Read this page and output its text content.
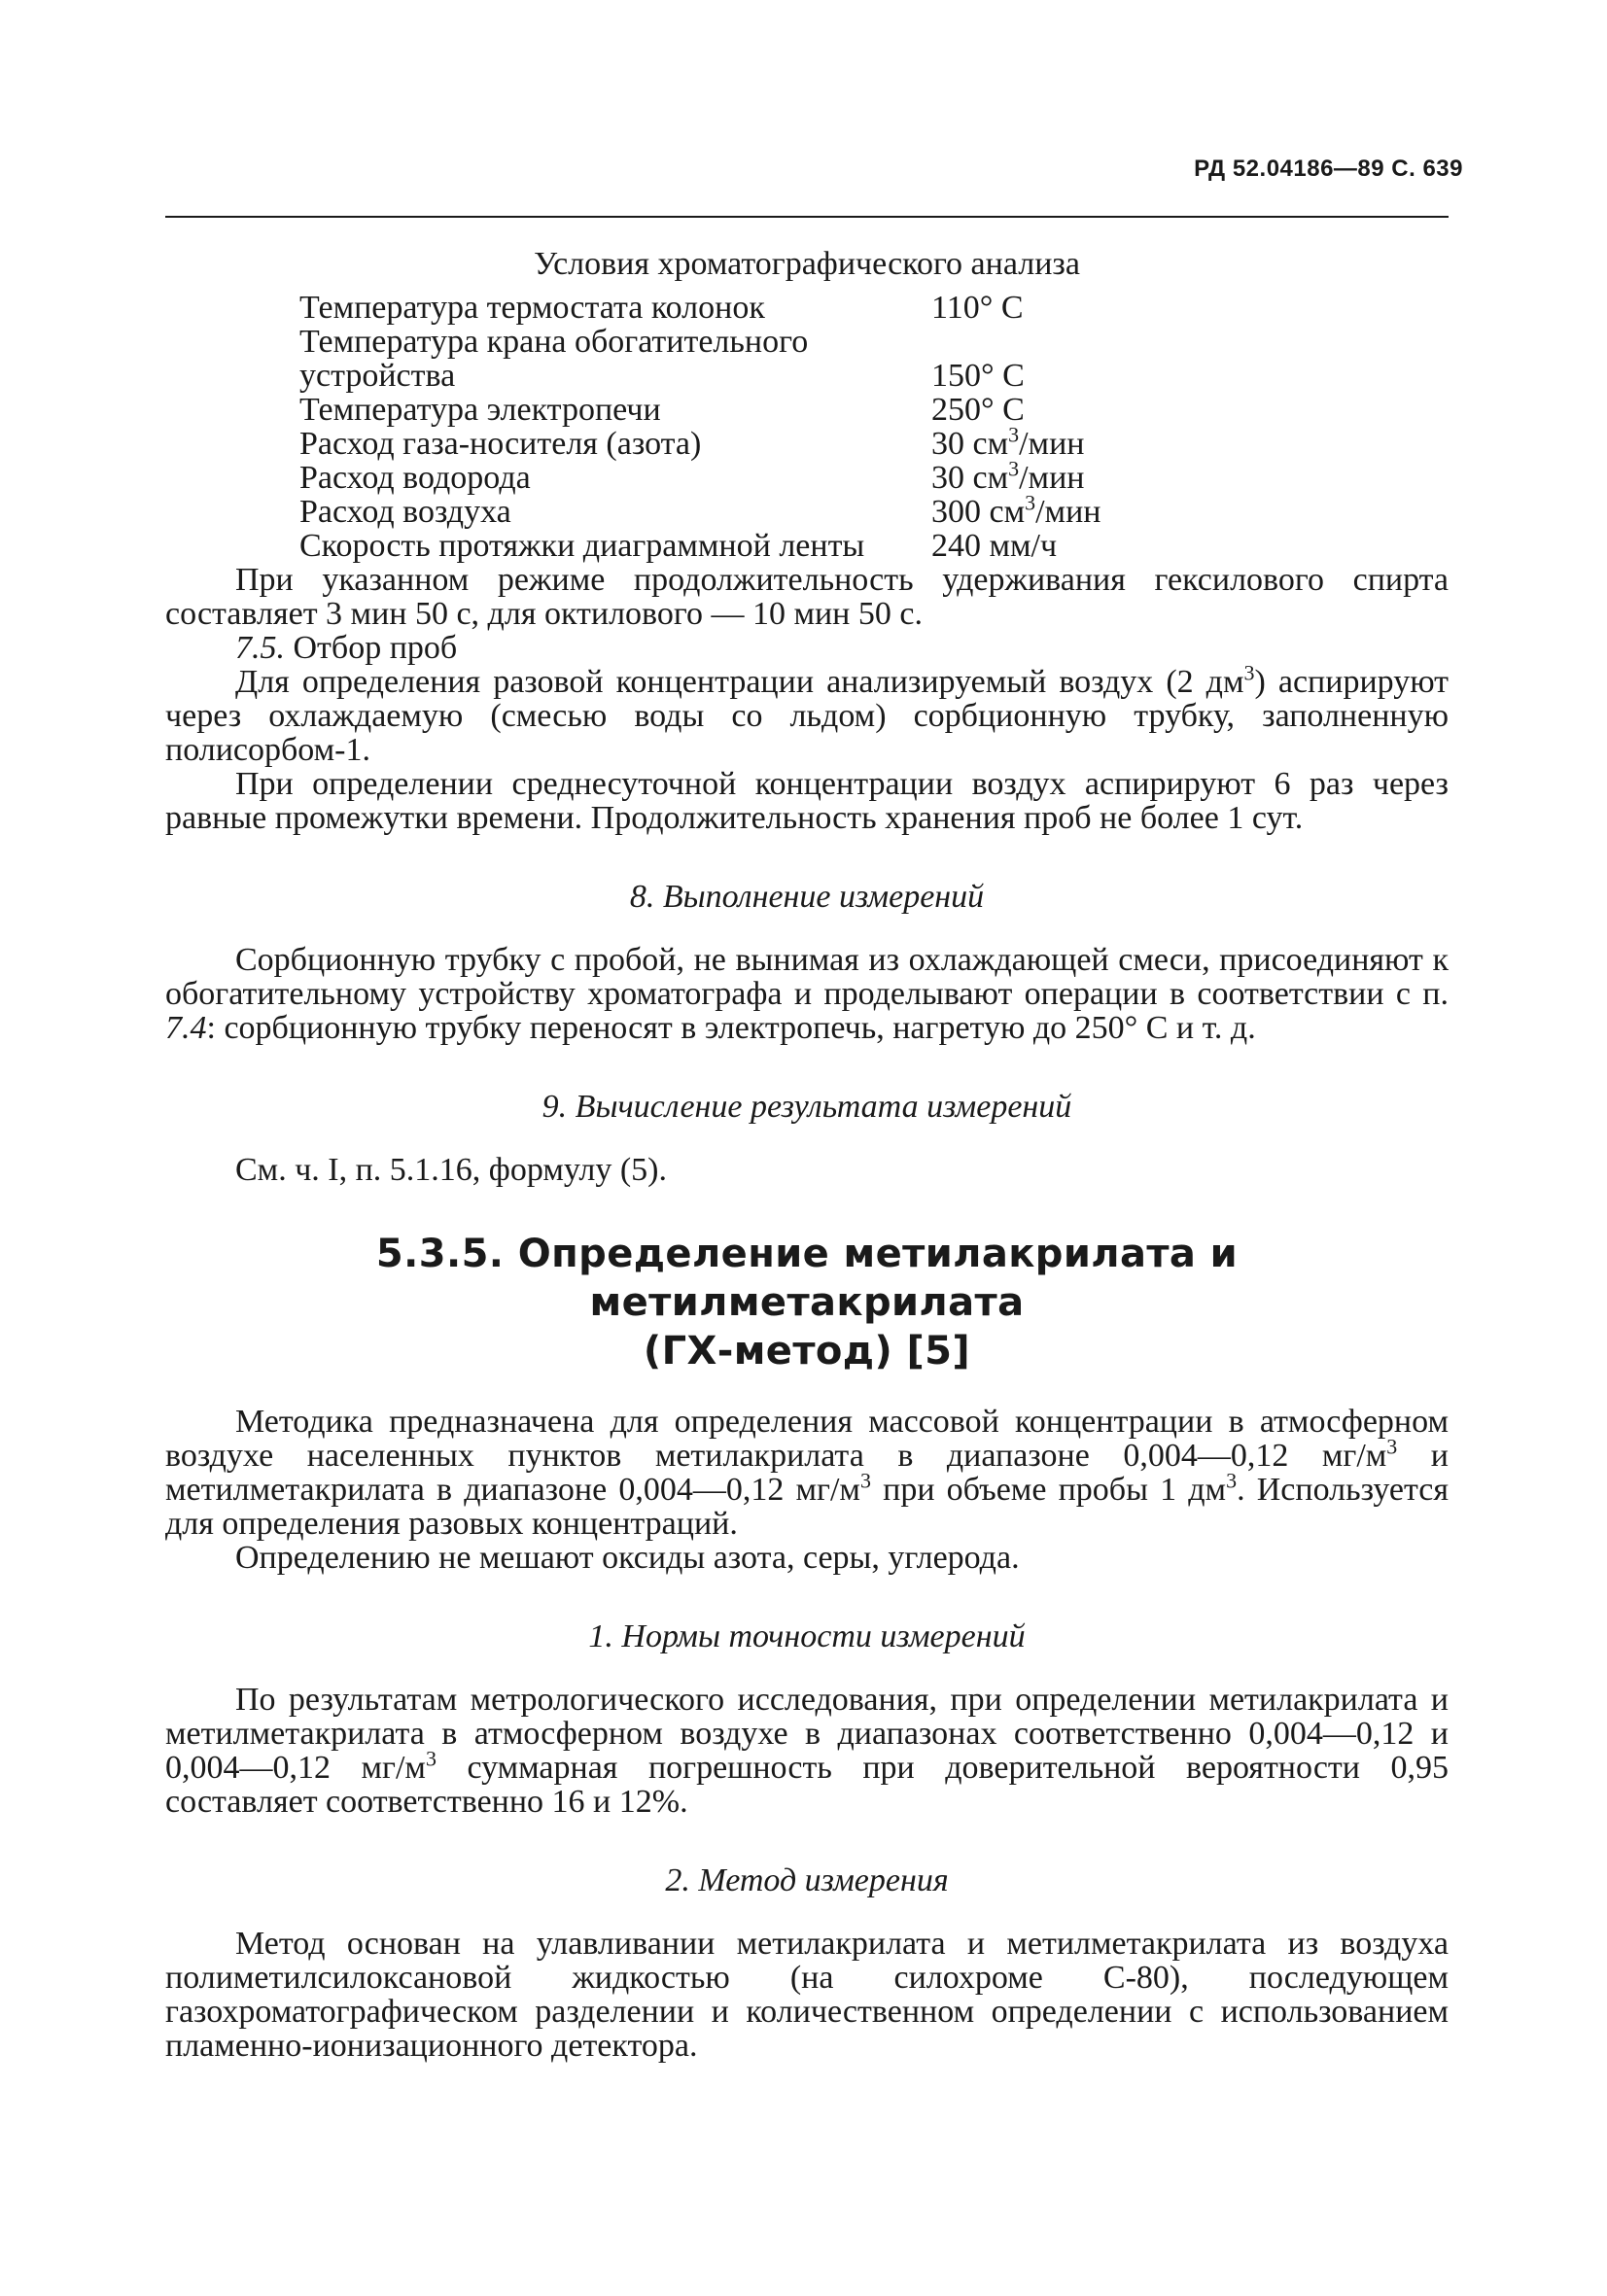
РД 52.04186—89 С. 639
Условия хроматографического анализа
Температура термостата колонок	110° С
Температура крана обогатительного	
устройства	150° С
Температура электропечи	250° С
Расход газа-носителя (азота)	30 $см^3$/мин
Расход водорода	30 $см^3$/мин
Расход воздуха	300 $см^3$/мин
Скорость протяжки диаграммной ленты	240 мм/ч

При указанном режиме продолжительность удерживания гексилового спирта составляет 3 мин 50 с, для октилового — 10 мин 50 с.

7.5. Отбор проб

Для определения разовой концентрации анализируемый воздух (2 $дм^3$) аспирируют через охлаждаемую (смесью воды со льдом) сорбционную трубку, заполненную полисорбом-1.

При определении среднесуточной концентрации воздух аспирируют 6 раз через равные промежутки времени. Продолжительность хранения проб не более 1 сут.

8. Выполнение измерений

Сорбционную трубку с пробой, не вынимая из охлаждающей смеси, присоединяют к обогатительному устройству хроматографа и проделывают операции в соответствии с п. 7.4: сорбционную трубку переносят в электропечь, нагретую до 250° С и т. д.

9. Вычисление результата измерений

См. ч. I, п. 5.1.16, формулу (5).

5.3.5. Определение метилакрилата и метилметакрилата
(ГХ-метод) [5]

Методика предназначена для определения массовой концентрации в атмосферном воздухе населенных пунктов метилакрилата в диапазоне 0,004—0,12 $мг/м^3$ и метилметакрилата в диапазоне 0,004—0,12 $мг/м^3$ при объеме пробы 1 $дм^3$. Используется для определения разовых концентраций.

Определению не мешают оксиды азота, серы, углерода.

1. Нормы точности измерений

По результатам метрологического исследования, при определении метилакрилата и метилметакрилата в атмосферном воздухе в диапазонах соответственно 0,004—0,12 и 0,004—0,12 $мг/м^3$ суммарная погрешность при доверительной вероятности 0,95 составляет соответственно 16 и 12%.

2. Метод измерения

Метод основан на улавливании метилакрилата и метилметакрилата из воздуха полиметилсилоксановой жидкостью (на силохроме С-80), последующем газохроматографическом разделении и количественном определении с использованием пламенно-ионизационного детектора.
